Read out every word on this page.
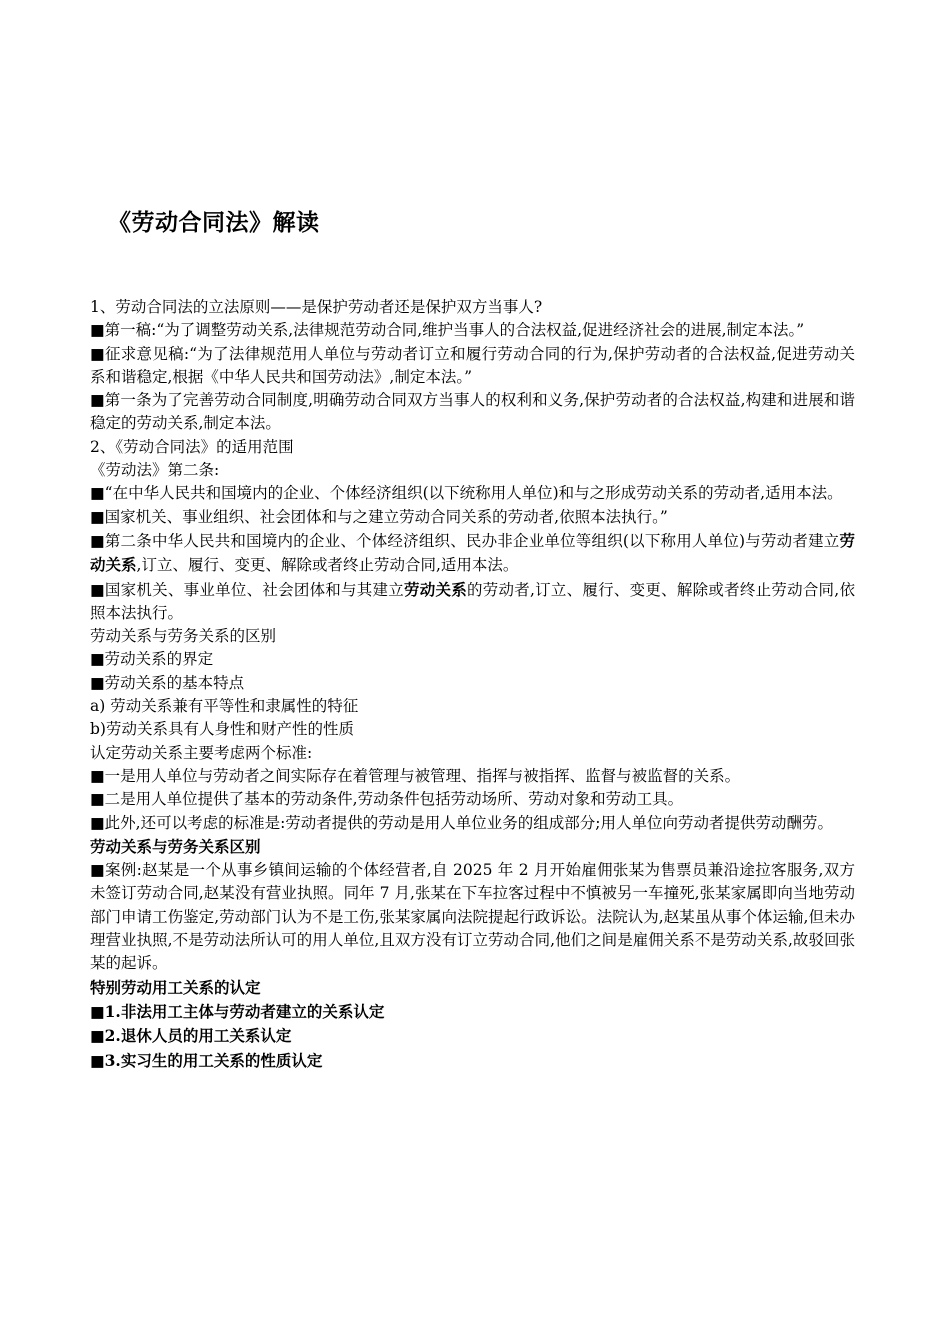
《劳动合同法》解读

1、劳动合同法的立法原则——是保护劳动者还是保护双方当事人?

■第一稿:“为了调整劳动关系,法律规范劳动合同,维护当事人的合法权益,促进经济社会的进展,制定本法。”

■征求意见稿:“为了法律规范用人单位与劳动者订立和履行劳动合同的行为,保护劳动者的合法权益,促进劳动关系和谐稳定,根据《中华人民共和国劳动法》,制定本法。”

■第一条为了完善劳动合同制度,明确劳动合同双方当事人的权利和义务,保护劳动者的合法权益,构建和进展和谐稳定的劳动关系,制定本法。

2、《劳动合同法》的适用范围

《劳动法》第二条:

■“在中华人民共和国境内的企业、个体经济组织(以下统称用人单位)和与之形成劳动关系的劳动者,适用本法。

■国家机关、事业组织、社会团体和与之建立劳动合同关系的劳动者,依照本法执行。”

■第二条中华人民共和国境内的企业、个体经济组织、民办非企业单位等组织(以下称用人单位)与劳动者建立劳动关系,订立、履行、变更、解除或者终止劳动合同,适用本法。

■国家机关、事业单位、社会团体和与其建立劳动关系的劳动者,订立、履行、变更、解除或者终止劳动合同,依照本法执行。

劳动关系与劳务关系的区别

■劳动关系的界定

■劳动关系的基本特点

a) 劳动关系兼有平等性和隶属性的特征

b)劳动关系具有人身性和财产性的性质

认定劳动关系主要考虑两个标准:

■一是用人单位与劳动者之间实际存在着管理与被管理、指挥与被指挥、监督与被监督的关系。

■二是用人单位提供了基本的劳动条件,劳动条件包括劳动场所、劳动对象和劳动工具。

■此外,还可以考虑的标准是:劳动者提供的劳动是用人单位业务的组成部分;用人单位向劳动者提供劳动酬劳。

劳动关系与劳务关系区别

■案例:赵某是一个从事乡镇间运输的个体经营者,自 2025 年 2 月开始雇佣张某为售票员兼沿途拉客服务,双方未签订劳动合同,赵某没有营业执照。同年 7 月,张某在下车拉客过程中不慎被另一车撞死,张某家属即向当地劳动部门申请工伤鉴定,劳动部门认为不是工伤,张某家属向法院提起行政诉讼。法院认为,赵某虽从事个体运输,但未办理营业执照,不是劳动法所认可的用人单位,且双方没有订立劳动合同,他们之间是雇佣关系不是劳动关系,故驳回张某的起诉。

特别劳动用工关系的认定

■1.非法用工主体与劳动者建立的关系认定

■2.退休人员的用工关系认定

■3.实习生的用工关系的性质认定
